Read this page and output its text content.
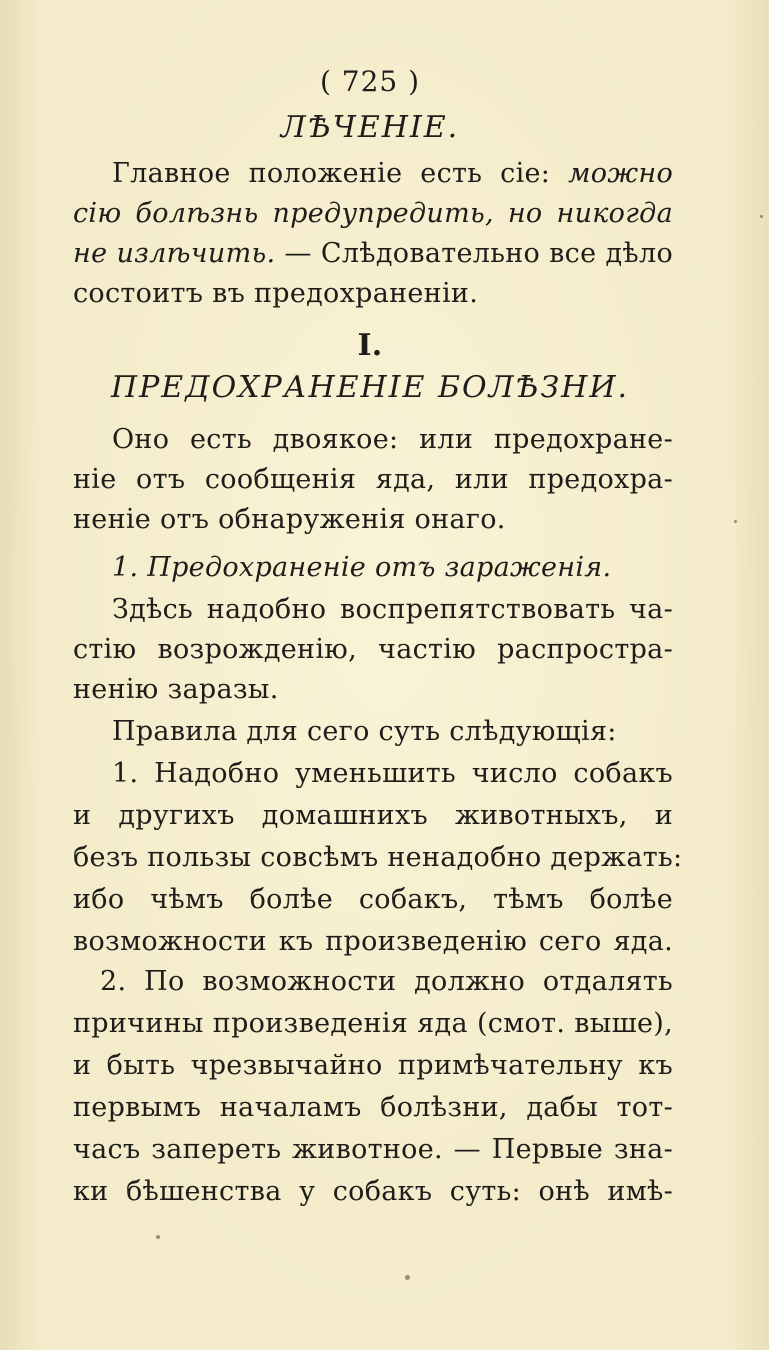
( 725 )
ЛѢЧЕНІЕ.
Главное положенiе есть сiе: можно
сiю болѣзнь предупредить, но никогда
не излѣчить. — Слѣдовательно все дѣло
состоитъ въ предохраненiи.
I.
ПРЕДОХРАНЕНІЕ БОЛѢЗНИ.
Оно есть двоякое: или предохране-
нiе отъ сообщенiя яда, или предохра-
ненiе отъ обнаруженiя онаго.
1. Предохраненiе отъ зараженiя.
Здѣсь надобно воспрепятствовать ча-
стiю возрожденiю, частiю распростра-
ненiю заразы.
Правила для сего суть слѣдующiя:
1. Надобно уменьшить число собакъ
и другихъ домашнихъ животныхъ, и
безъ пользы совсѣмъ ненадобно держать:
ибо чѣмъ болѣе собакъ, тѣмъ болѣе
возможности къ произведенiю сего яда.
2. По возможности должно отдалять
причины произведенiя яда (смот. выше),
и быть чрезвычайно примѣчательну къ
первымъ началамъ болѣзни, дабы тот-
часъ запереть животное. — Первые зна-
ки бѣшенства у собакъ суть: онѣ имѣ-
